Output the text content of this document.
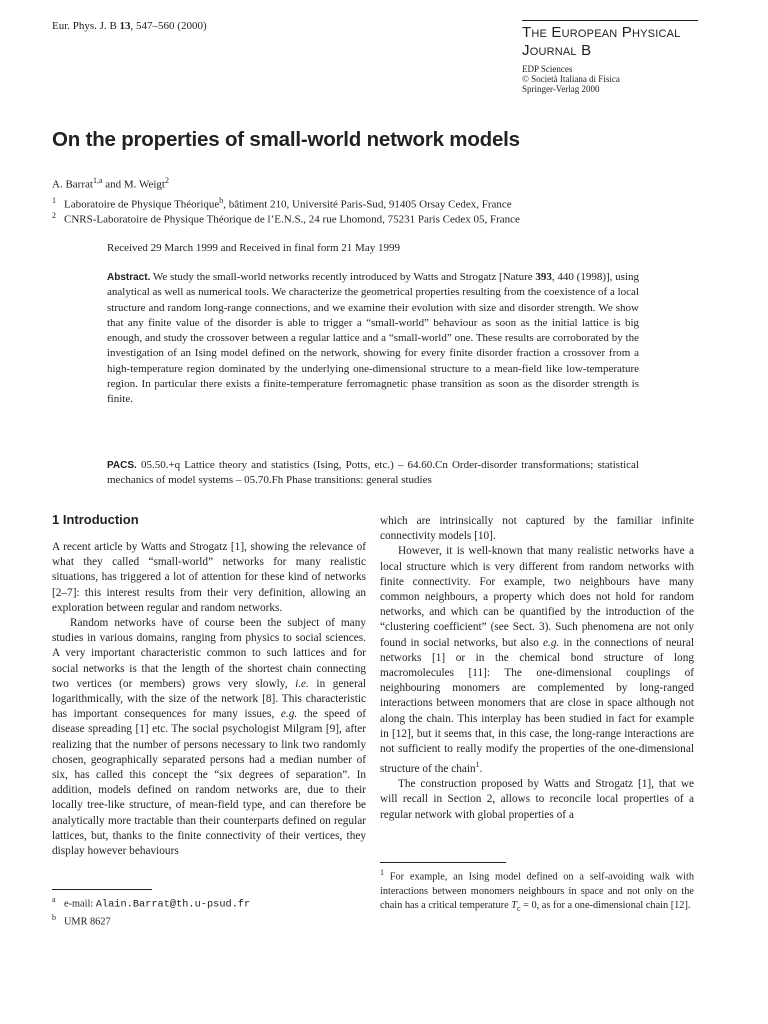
Eur. Phys. J. B 13, 547–560 (2000)	The European Physical Journal B
EDP Sciences
© Società Italiana di Fisica
Springer-Verlag 2000
On the properties of small-world network models
A. Barrat$^{1,a}$ and M. Weigt$^2$
1 Laboratoire de Physique Théorique$^b$, bâtiment 210, Université Paris-Sud, 91405 Orsay Cedex, France
2 CNRS-Laboratoire de Physique Théorique de l’E.N.S., 24 rue Lhomond, 75231 Paris Cedex 05, France
Received 29 March 1999 and Received in final form 21 May 1999
Abstract. We study the small-world networks recently introduced by Watts and Strogatz [Nature 393, 440 (1998)], using analytical as well as numerical tools. We characterize the geometrical properties resulting from the coexistence of a local structure and random long-range connections, and we examine their evolution with size and disorder strength. We show that any finite value of the disorder is able to trigger a “small-world” behaviour as soon as the initial lattice is big enough, and study the crossover between a regular lattice and a “small-world” one. These results are corroborated by the investigation of an Ising model defined on the network, showing for every finite disorder fraction a crossover from a high-temperature region dominated by the underlying one-dimensional structure to a mean-field like low-temperature region. In particular there exists a finite-temperature ferromagnetic phase transition as soon as the disorder strength is finite.
PACS. 05.50.+q Lattice theory and statistics (Ising, Potts, etc.) – 64.60.Cn Order-disorder transformations; statistical mechanics of model systems – 05.70.Fh Phase transitions: general studies
1 Introduction

A recent article by Watts and Strogatz [1], showing the relevance of what they called “small-world” networks for many realistic situations, has triggered a lot of attention for these kind of networks [2–7]: this interest results from their very definition, allowing an exploration between regular and random networks.

Random networks have of course been the subject of many studies in various domains, ranging from physics to social sciences. A very important characteristic common to such lattices and for social networks is that the length of the shortest chain connecting two vertices (or members) grows very slowly, i.e. in general logarithmically, with the size of the network [8]. This characteristic has important consequences for many issues, e.g. the speed of disease spreading [1] etc. The social psychologist Milgram [9], after realizing that the number of persons necessary to link two randomly chosen, geographically separated persons had a median number of six, has called this concept the “six degrees of separation”. In addition, models defined on random networks are, due to their locally tree-like structure, of mean-field type, and can therefore be analytically more tractable than their counterparts defined on regular lattices, but, thanks to the finite connectivity of their vertices, they display however behaviours

a e-mail: Alain.Barrat@th.u-psud.fr
b UMR 8627

which are intrinsically not captured by the familiar infinite connectivity models [10].

However, it is well-known that many realistic networks have a local structure which is very different from random networks with finite connectivity. For example, two neighbours have many common neighbours, a property which does not hold for random networks, and which can be quantified by the introduction of the “clustering coefficient” (see Sect. 3). Such phenomena are not only found in social networks, but also e.g. in the connections of neural networks [1] or in the chemical bond structure of long macromolecules [11]: The one-dimensional couplings of neighbouring monomers are complemented by long-ranged interactions between monomers that are close in space although not along the chain. This interplay has been studied in fact for example in [12], but it seems that, in this case, the long-range interactions are not sufficient to really modify the properties of the one-dimensional structure of the chain$^1$.

The construction proposed by Watts and Strogatz [1], that we will recall in Section 2, allows to reconcile local properties of a regular network with global properties of a

$^1$ For example, an Ising model defined on a self-avoiding walk with interactions between monomers neighbours in space and not only on the chain has a critical temperature $T_c = 0$, as for a one-dimensional chain [12].
